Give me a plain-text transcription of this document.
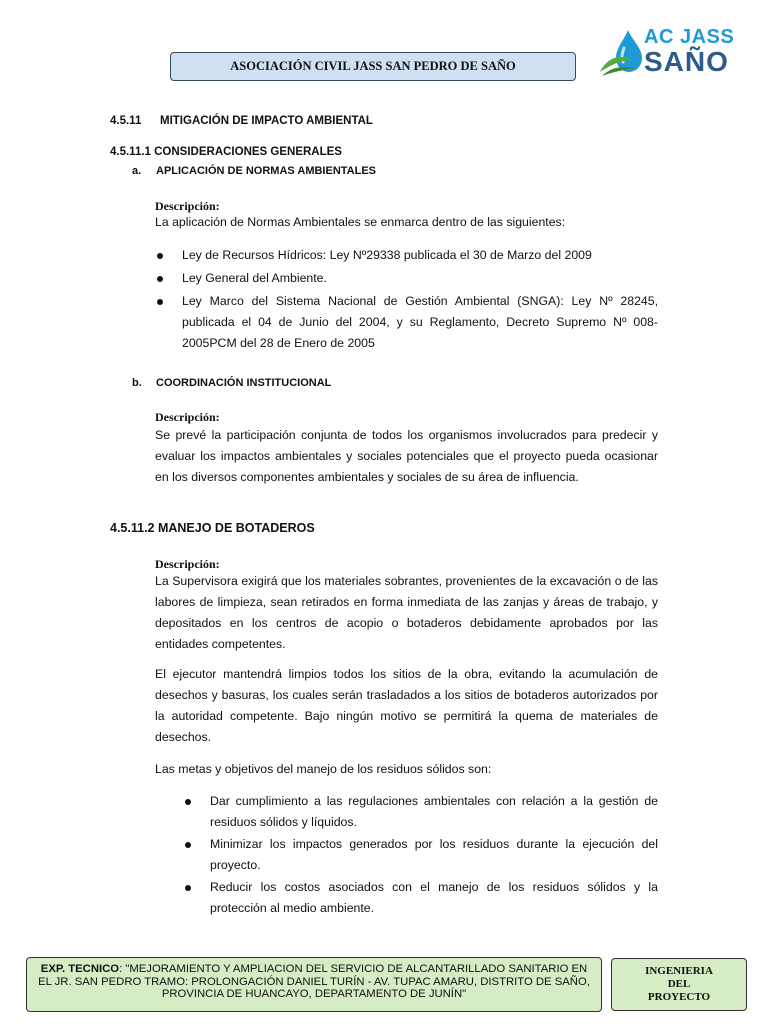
ASOCIACIÓN CIVIL JASS SAN PEDRO DE SAÑO
AC JASS
SAÑO
4.5.11 MITIGACIÓN DE IMPACTO AMBIENTAL
4.5.11.1 CONSIDERACIONES GENERALES
a. APLICACIÓN DE NORMAS AMBIENTALES
Descripción:
La aplicación de Normas Ambientales se enmarca dentro de las siguientes:
Ley de Recursos Hídricos: Ley Nº29338 publicada el 30 de Marzo del 2009
Ley General del Ambiente.
Ley Marco del Sistema Nacional de Gestión Ambiental (SNGA): Ley Nº 28245, publicada el 04 de Junio del 2004, y su Reglamento, Decreto Supremo Nº 008-2005PCM del 28 de Enero de 2005
b. COORDINACIÓN INSTITUCIONAL
Descripción:
Se prevé la participación conjunta de todos los organismos involucrados para predecir y evaluar los impactos ambientales y sociales potenciales que el proyecto pueda ocasionar en los diversos componentes ambientales y sociales de su área de influencia.
4.5.11.2 MANEJO DE BOTADEROS
Descripción:
La Supervisora exigirá que los materiales sobrantes, provenientes de la excavación o de las labores de limpieza, sean retirados en forma inmediata de las zanjas y áreas de trabajo, y depositados en los centros de acopio o botaderos debidamente aprobados por las entidades competentes.
El ejecutor mantendrá limpios todos los sitios de la obra, evitando la acumulación de desechos y basuras, los cuales serán trasladados a los sitios de botaderos autorizados por la autoridad competente. Bajo ningún motivo se permitirá la quema de materiales de desechos.
Las metas y objetivos del manejo de los residuos sólidos son:
Dar cumplimiento a las regulaciones ambientales con relación a la gestión de residuos sólidos y líquidos.
Minimizar los impactos generados por los residuos durante la ejecución del proyecto.
Reducir los costos asociados con el manejo de los residuos sólidos y la protección al medio ambiente.
EXP. TECNICO: "MEJORAMIENTO Y AMPLIACION DEL SERVICIO DE ALCANTARILLADO SANITARIO EN EL JR. SAN PEDRO TRAMO: PROLONGACIÓN DANIEL TURÍN - AV. TUPAC AMARU, DISTRITO DE SAÑO, PROVINCIA DE HUANCAYO, DEPARTAMENTO DE JUNÍN"
INGENIERIA
DEL
PROYECTO
